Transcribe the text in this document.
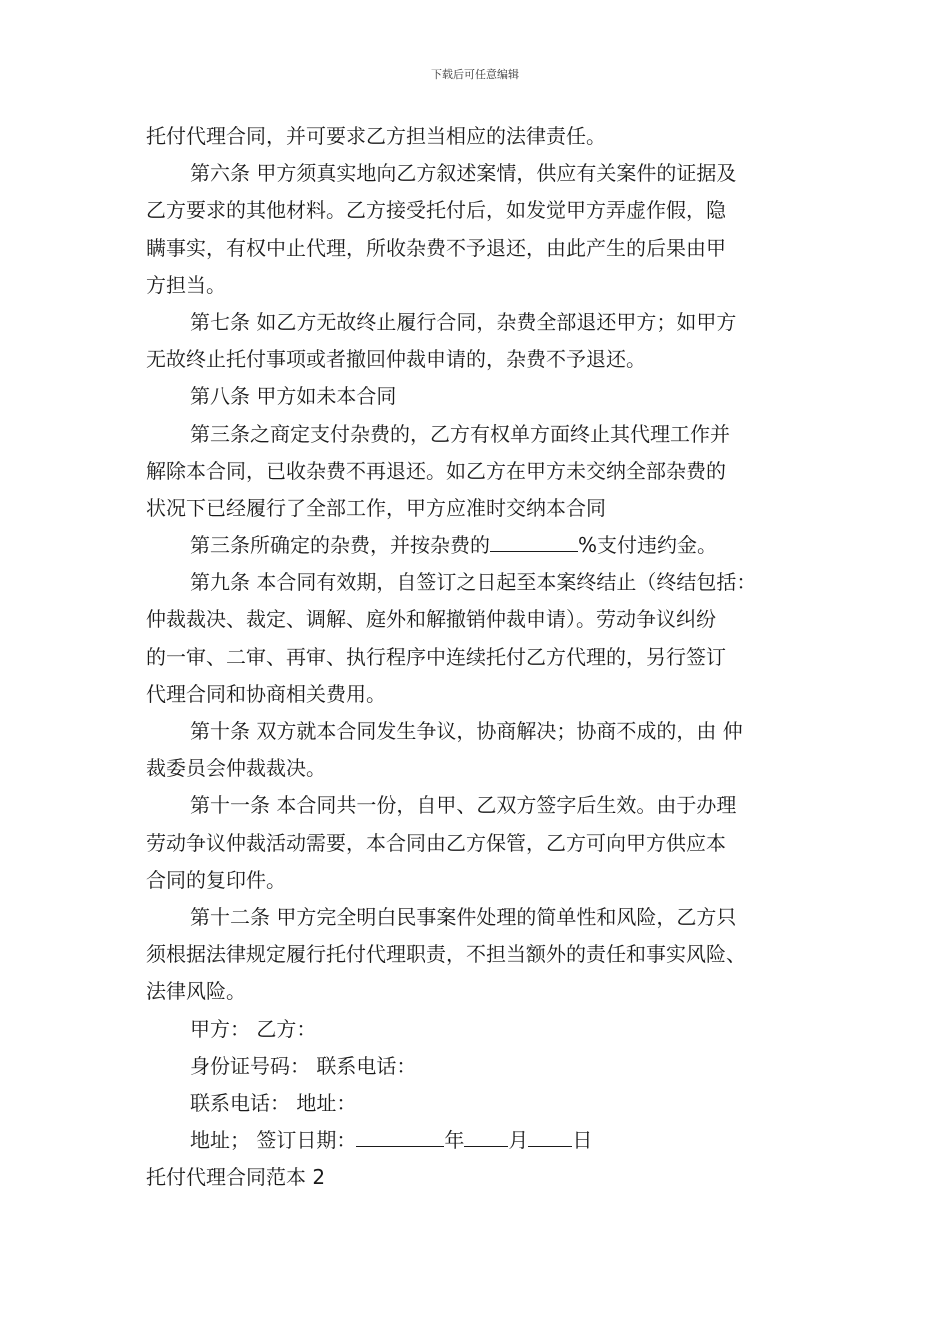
下载后可任意编辑
托付代理合同，并可要求乙方担当相应的法律责任。
第六条 甲方须真实地向乙方叙述案情，供应有关案件的证据及
乙方要求的其他材料。乙方接受托付后，如发觉甲方弄虚作假，隐
瞒事实，有权中止代理，所收杂费不予退还，由此产生的后果由甲
方担当。
第七条 如乙方无故终止履行合同，杂费全部退还甲方；如甲方
无故终止托付事项或者撤回仲裁申请的，杂费不予退还。
第八条 甲方如未本合同
第三条之商定支付杂费的，乙方有权单方面终止其代理工作并
解除本合同，已收杂费不再退还。如乙方在甲方未交纳全部杂费的
状况下已经履行了全部工作，甲方应准时交纳本合同
第三条所确定的杂费，并按杂费的	%支付违约金。
第九条 本合同有效期，自签订之日起至本案终结止（终结包括：
仲裁裁决、裁定、调解、庭外和解撤销仲裁申请）。劳动争议纠纷
的一审、二审、再审、执行程序中连续托付乙方代理的，另行签订
代理合同和协商相关费用。
第十条 双方就本合同发生争议，协商解决；协商不成的，由 仲
裁委员会仲裁裁决。
第十一条 本合同共一份，自甲、乙双方签字后生效。由于办理
劳动争议仲裁活动需要，本合同由乙方保管，乙方可向甲方供应本
合同的复印件。
第十二条 甲方完全明白民事案件处理的简单性和风险，乙方只
须根据法律规定履行托付代理职责，不担当额外的责任和事实风险、
法律风险。
甲方： 乙方：
身份证号码： 联系电话：
联系电话： 地址：
地址； 签订日期：	年 月 日
托付代理合同范本 2
